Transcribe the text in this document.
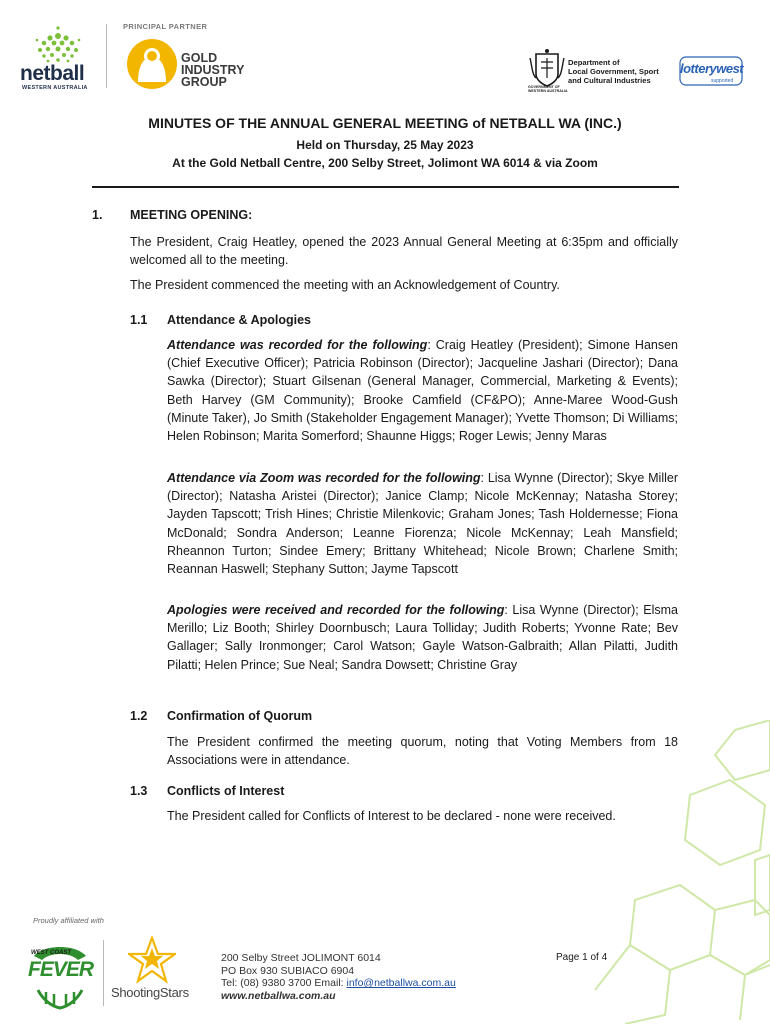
netball
WESTERN AUSTRALIA
PRINCIPAL PARTNER
GOLD
INDUSTRY
GROUP	GOVERNMENT OF
WESTERN AUSTRALIA
Department of
Local Government, Sport
and Cultural Industries
lotterywest
supported
MINUTES OF THE ANNUAL GENERAL MEETING of NETBALL WA (INC.)
Held on Thursday, 25 May 2023
At the Gold Netball Centre, 200 Selby Street, Jolimont WA 6014 & via Zoom
1. MEETING OPENING:
The President, Craig Heatley, opened the 2023 Annual General Meeting at 6:35pm and officially welcomed all to the meeting.
The President commenced the meeting with an Acknowledgement of Country.
1.1 Attendance & Apologies
Attendance was recorded for the following: Craig Heatley (President); Simone Hansen (Chief Executive Officer); Patricia Robinson (Director); Jacqueline Jashari (Director); Dana Sawka (Director); Stuart Gilsenan (General Manager, Commercial, Marketing & Events); Beth Harvey (GM Community); Brooke Camfield (CF&PO); Anne-Maree Wood-Gush (Minute Taker), Jo Smith (Stakeholder Engagement Manager); Yvette Thomson; Di Williams; Helen Robinson; Marita Somerford; Shaunne Higgs; Roger Lewis; Jenny Maras
Attendance via Zoom was recorded for the following: Lisa Wynne (Director); Skye Miller (Director); Natasha Aristei (Director); Janice Clamp; Nicole McKennay; Natasha Storey; Jayden Tapscott; Trish Hines; Christie Milenkovic; Graham Jones; Tash Holdernesse; Fiona McDonald; Sondra Anderson; Leanne Fiorenza; Nicole McKennay; Leah Mansfield; Rheannon Turton; Sindee Emery; Brittany Whitehead; Nicole Brown; Charlene Smith; Reannan Haswell; Stephany Sutton; Jayme Tapscott
Apologies were received and recorded for the following: Lisa Wynne (Director); Elsma Merillo; Liz Booth; Shirley Doornbusch; Laura Tolliday; Judith Roberts; Yvonne Rate; Bev Gallager; Sally Ironmonger; Carol Watson; Gayle Watson-Galbraith; Allan Pilatti, Judith Pilatti; Helen Prince; Sue Neal; Sandra Dowsett; Christine Gray
1.2 Confirmation of Quorum
The President confirmed the meeting quorum, noting that Voting Members from 18 Associations were in attendance.
1.3 Conflicts of Interest
The President called for Conflicts of Interest to be declared - none were received.
Proudly affiliated with
WEST COAST
FEVER
ShootingStars
200 Selby Street JOLIMONT 6014
PO Box 930 SUBIACO 6904
Tel: (08) 9380 3700 Email: info@netballwa.com.au
www.netballwa.com.au
Page 1 of 4
